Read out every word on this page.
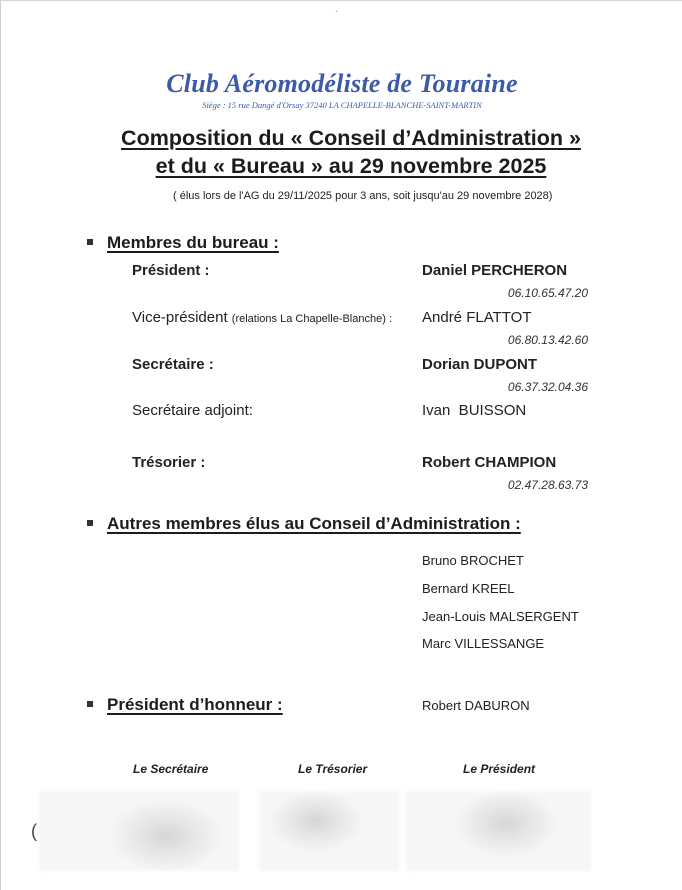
ˋ
Club Aéromodéliste de Touraine
Siège : 15 rue Dangé d'Orsay 37240 LA CHAPELLE-BLANCHE-SAINT-MARTIN
Composition du « Conseil d’Administration »
et du « Bureau » au 29 novembre 2025
( élus lors de l'AG du 29/11/2025 pour 3 ans, soit jusqu'au 29 novembre 2028)
Membres du bureau :
Président :	Daniel PERCHERON
06.10.65.47.20
Vice-président (relations La Chapelle-Blanche) : André FLATTOT
06.80.13.42.60
Secrétaire :	Dorian DUPONT
06.37.32.04.36
Secrétaire adjoint:	Ivan  BUISSON
Trésorier :	Robert CHAMPION
02.47.28.63.73
Autres membres élus au Conseil d’Administration :
Bruno BROCHET
Bernard KREEL
Jean-Louis MALSERGENT
Marc VILLESSANGE
Président d’honneur :	Robert DABURON
Le Secrétaire	Le Trésorier	Le Président
(
